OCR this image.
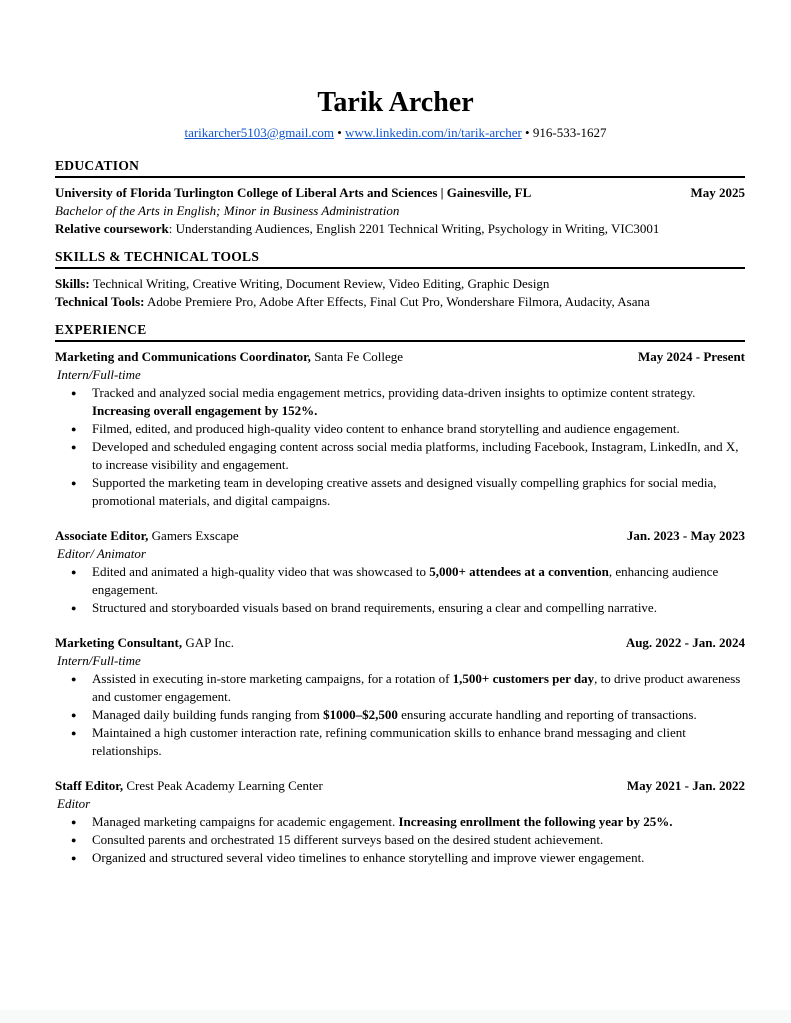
Tarik Archer
tarikarcher5103@gmail.com • www.linkedin.com/in/tarik-archer • 916-533-1627
EDUCATION
University of Florida Turlington College of Liberal Arts and Sciences | Gainesville, FL	May 2025
Bachelor of the Arts in English; Minor in Business Administration
Relative coursework: Understanding Audiences, English 2201 Technical Writing, Psychology in Writing, VIC3001
SKILLS & TECHNICAL TOOLS
Skills: Technical Writing, Creative Writing, Document Review, Video Editing, Graphic Design
Technical Tools: Adobe Premiere Pro, Adobe After Effects, Final Cut Pro, Wondershare Filmora, Audacity, Asana
EXPERIENCE
Marketing and Communications Coordinator, Santa Fe College	May 2024 - Present
Intern/Full-time
● Tracked and analyzed social media engagement metrics, providing data-driven insights to optimize content strategy. Increasing overall engagement by 152%.
● Filmed, edited, and produced high-quality video content to enhance brand storytelling and audience engagement.
● Developed and scheduled engaging content across social media platforms, including Facebook, Instagram, LinkedIn, and X, to increase visibility and engagement.
● Supported the marketing team in developing creative assets and designed visually compelling graphics for social media, promotional materials, and digital campaigns.
Associate Editor, Gamers Exscape	Jan. 2023 - May 2023
Editor/ Animator
● Edited and animated a high-quality video that was showcased to 5,000+ attendees at a convention, enhancing audience engagement.
● Structured and storyboarded visuals based on brand requirements, ensuring a clear and compelling narrative.
Marketing Consultant, GAP Inc.	Aug. 2022 - Jan. 2024
Intern/Full-time
● Assisted in executing in-store marketing campaigns, for a rotation of 1,500+ customers per day, to drive product awareness and customer engagement.
● Managed daily building funds ranging from $1000–$2,500 ensuring accurate handling and reporting of transactions.
● Maintained a high customer interaction rate, refining communication skills to enhance brand messaging and client relationships.
Staff Editor, Crest Peak Academy Learning Center	May 2021 - Jan. 2022
Editor
● Managed marketing campaigns for academic engagement. Increasing enrollment the following year by 25%.
● Consulted parents and orchestrated 15 different surveys based on the desired student achievement.
● Organized and structured several video timelines to enhance storytelling and improve viewer engagement.
